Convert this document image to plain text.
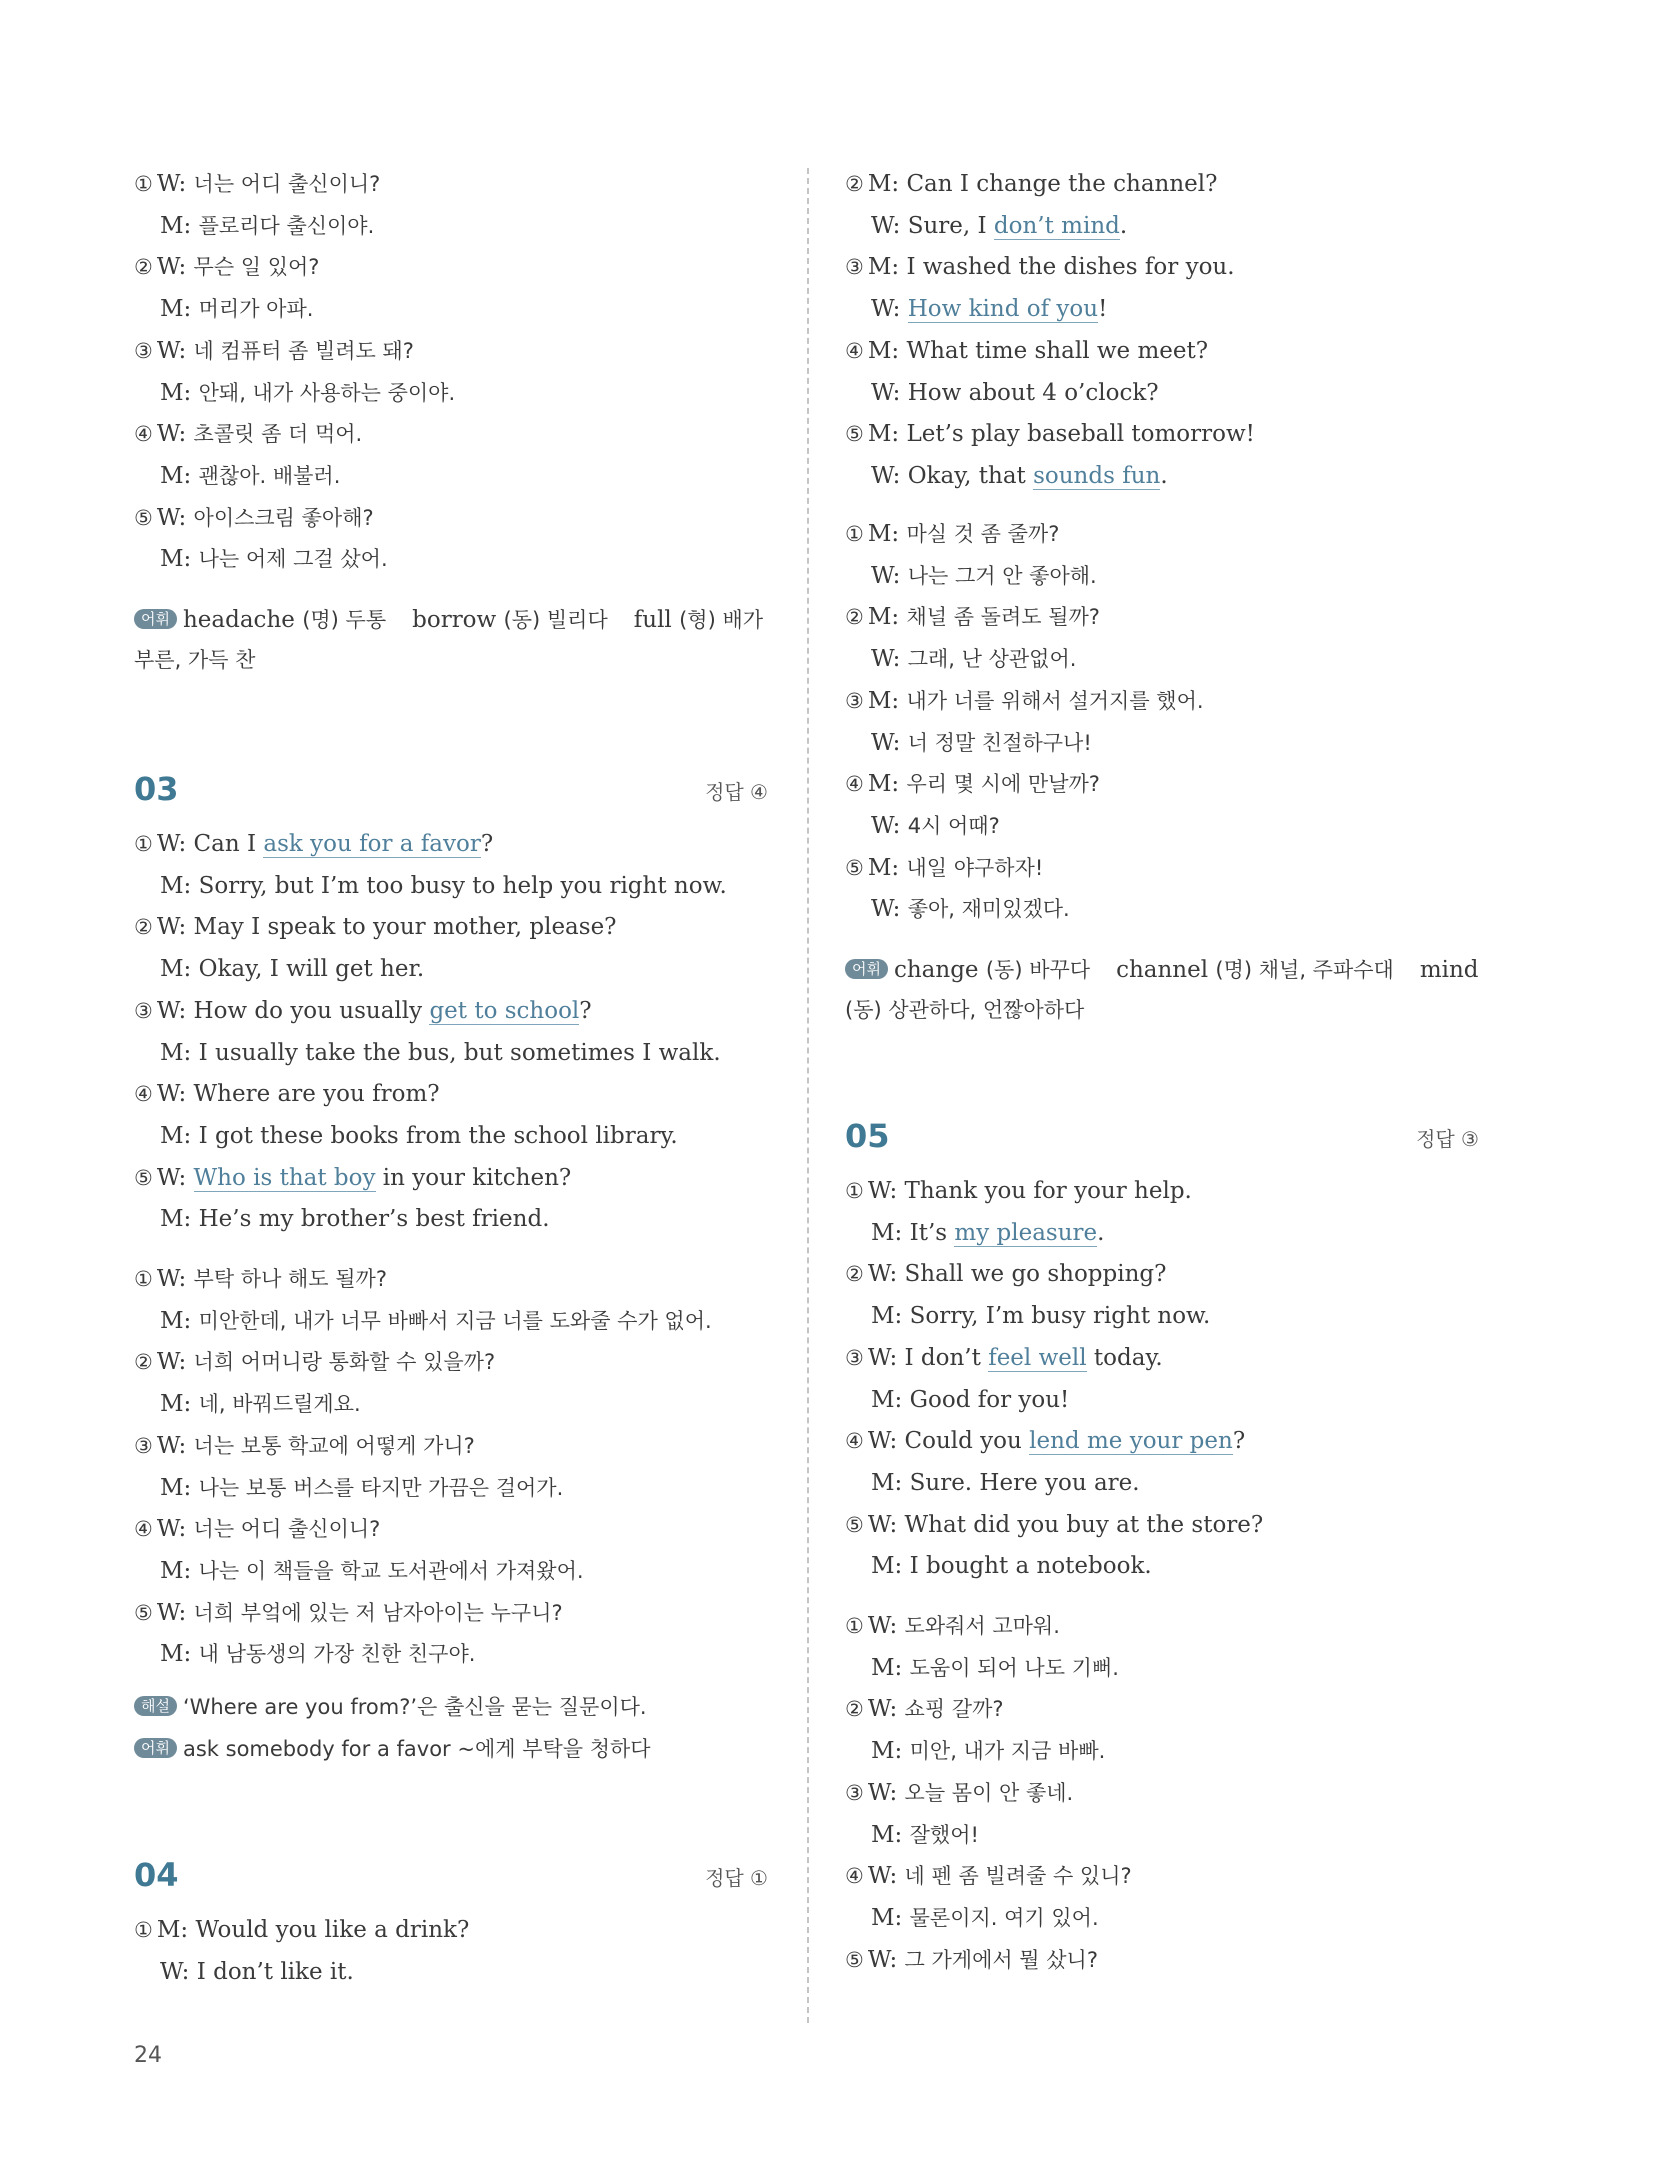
① W: 너는 어디 출신이니?
M: 플로리다 출신이야.
② W: 무슨 일 있어?
M: 머리가 아파.
③ W: 네 컴퓨터 좀 빌려도 돼?
M: 안돼, 내가 사용하는 중이야.
④ W: 초콜릿 좀 더 먹어.
M: 괜찮아. 배불러.
⑤ W: 아이스크림 좋아해?
M: 나는 어제 그걸 샀어.
어휘 headache (명) 두통 borrow (동) 빌리다 full (형) 배가 부른, 가득 찬
03	정답 ④
① W: Can I ask you for a favor?
M: Sorry, but I’m too busy to help you right now.
② W: May I speak to your mother, please?
M: Okay, I will get her.
③ W: How do you usually get to school?
M: I usually take the bus, but sometimes I walk.
④ W: Where are you from?
M: I got these books from the school library.
⑤ W: Who is that boy in your kitchen?
M: He’s my brother’s best friend.
① W: 부탁 하나 해도 될까?
M: 미안한데, 내가 너무 바빠서 지금 너를 도와줄 수가 없어.
② W: 너희 어머니랑 통화할 수 있을까?
M: 네, 바꿔드릴게요.
③ W: 너는 보통 학교에 어떻게 가니?
M: 나는 보통 버스를 타지만 가끔은 걸어가.
④ W: 너는 어디 출신이니?
M: 나는 이 책들을 학교 도서관에서 가져왔어.
⑤ W: 너희 부엌에 있는 저 남자아이는 누구니?
M: 내 남동생의 가장 친한 친구야.
해설 ‘Where are you from?’은 출신을 묻는 질문이다.
어휘 ask somebody for a favor ~에게 부탁을 청하다
04	정답 ①
① M: Would you like a drink?
W: I don’t like it.
② M: Can I change the channel?
W: Sure, I don’t mind.
③ M: I washed the dishes for you.
W: How kind of you!
④ M: What time shall we meet?
W: How about 4 o’clock?
⑤ M: Let’s play baseball tomorrow!
W: Okay, that sounds fun.
① M: 마실 것 좀 줄까?
W: 나는 그거 안 좋아해.
② M: 채널 좀 돌려도 될까?
W: 그래, 난 상관없어.
③ M: 내가 너를 위해서 설거지를 했어.
W: 너 정말 친절하구나!
④ M: 우리 몇 시에 만날까?
W: 4시 어때?
⑤ M: 내일 야구하자!
W: 좋아, 재미있겠다.
어휘 change (동) 바꾸다 channel (명) 채널, 주파수대 mind (동) 상관하다, 언짢아하다
05	정답 ③
① W: Thank you for your help.
M: It’s my pleasure.
② W: Shall we go shopping?
M: Sorry, I’m busy right now.
③ W: I don’t feel well today.
M: Good for you!
④ W: Could you lend me your pen?
M: Sure. Here you are.
⑤ W: What did you buy at the store?
M: I bought a notebook.
① W: 도와줘서 고마워.
M: 도움이 되어 나도 기뻐.
② W: 쇼핑 갈까?
M: 미안, 내가 지금 바빠.
③ W: 오늘 몸이 안 좋네.
M: 잘했어!
④ W: 네 펜 좀 빌려줄 수 있니?
M: 물론이지. 여기 있어.
⑤ W: 그 가게에서 뭘 샀니?
24
